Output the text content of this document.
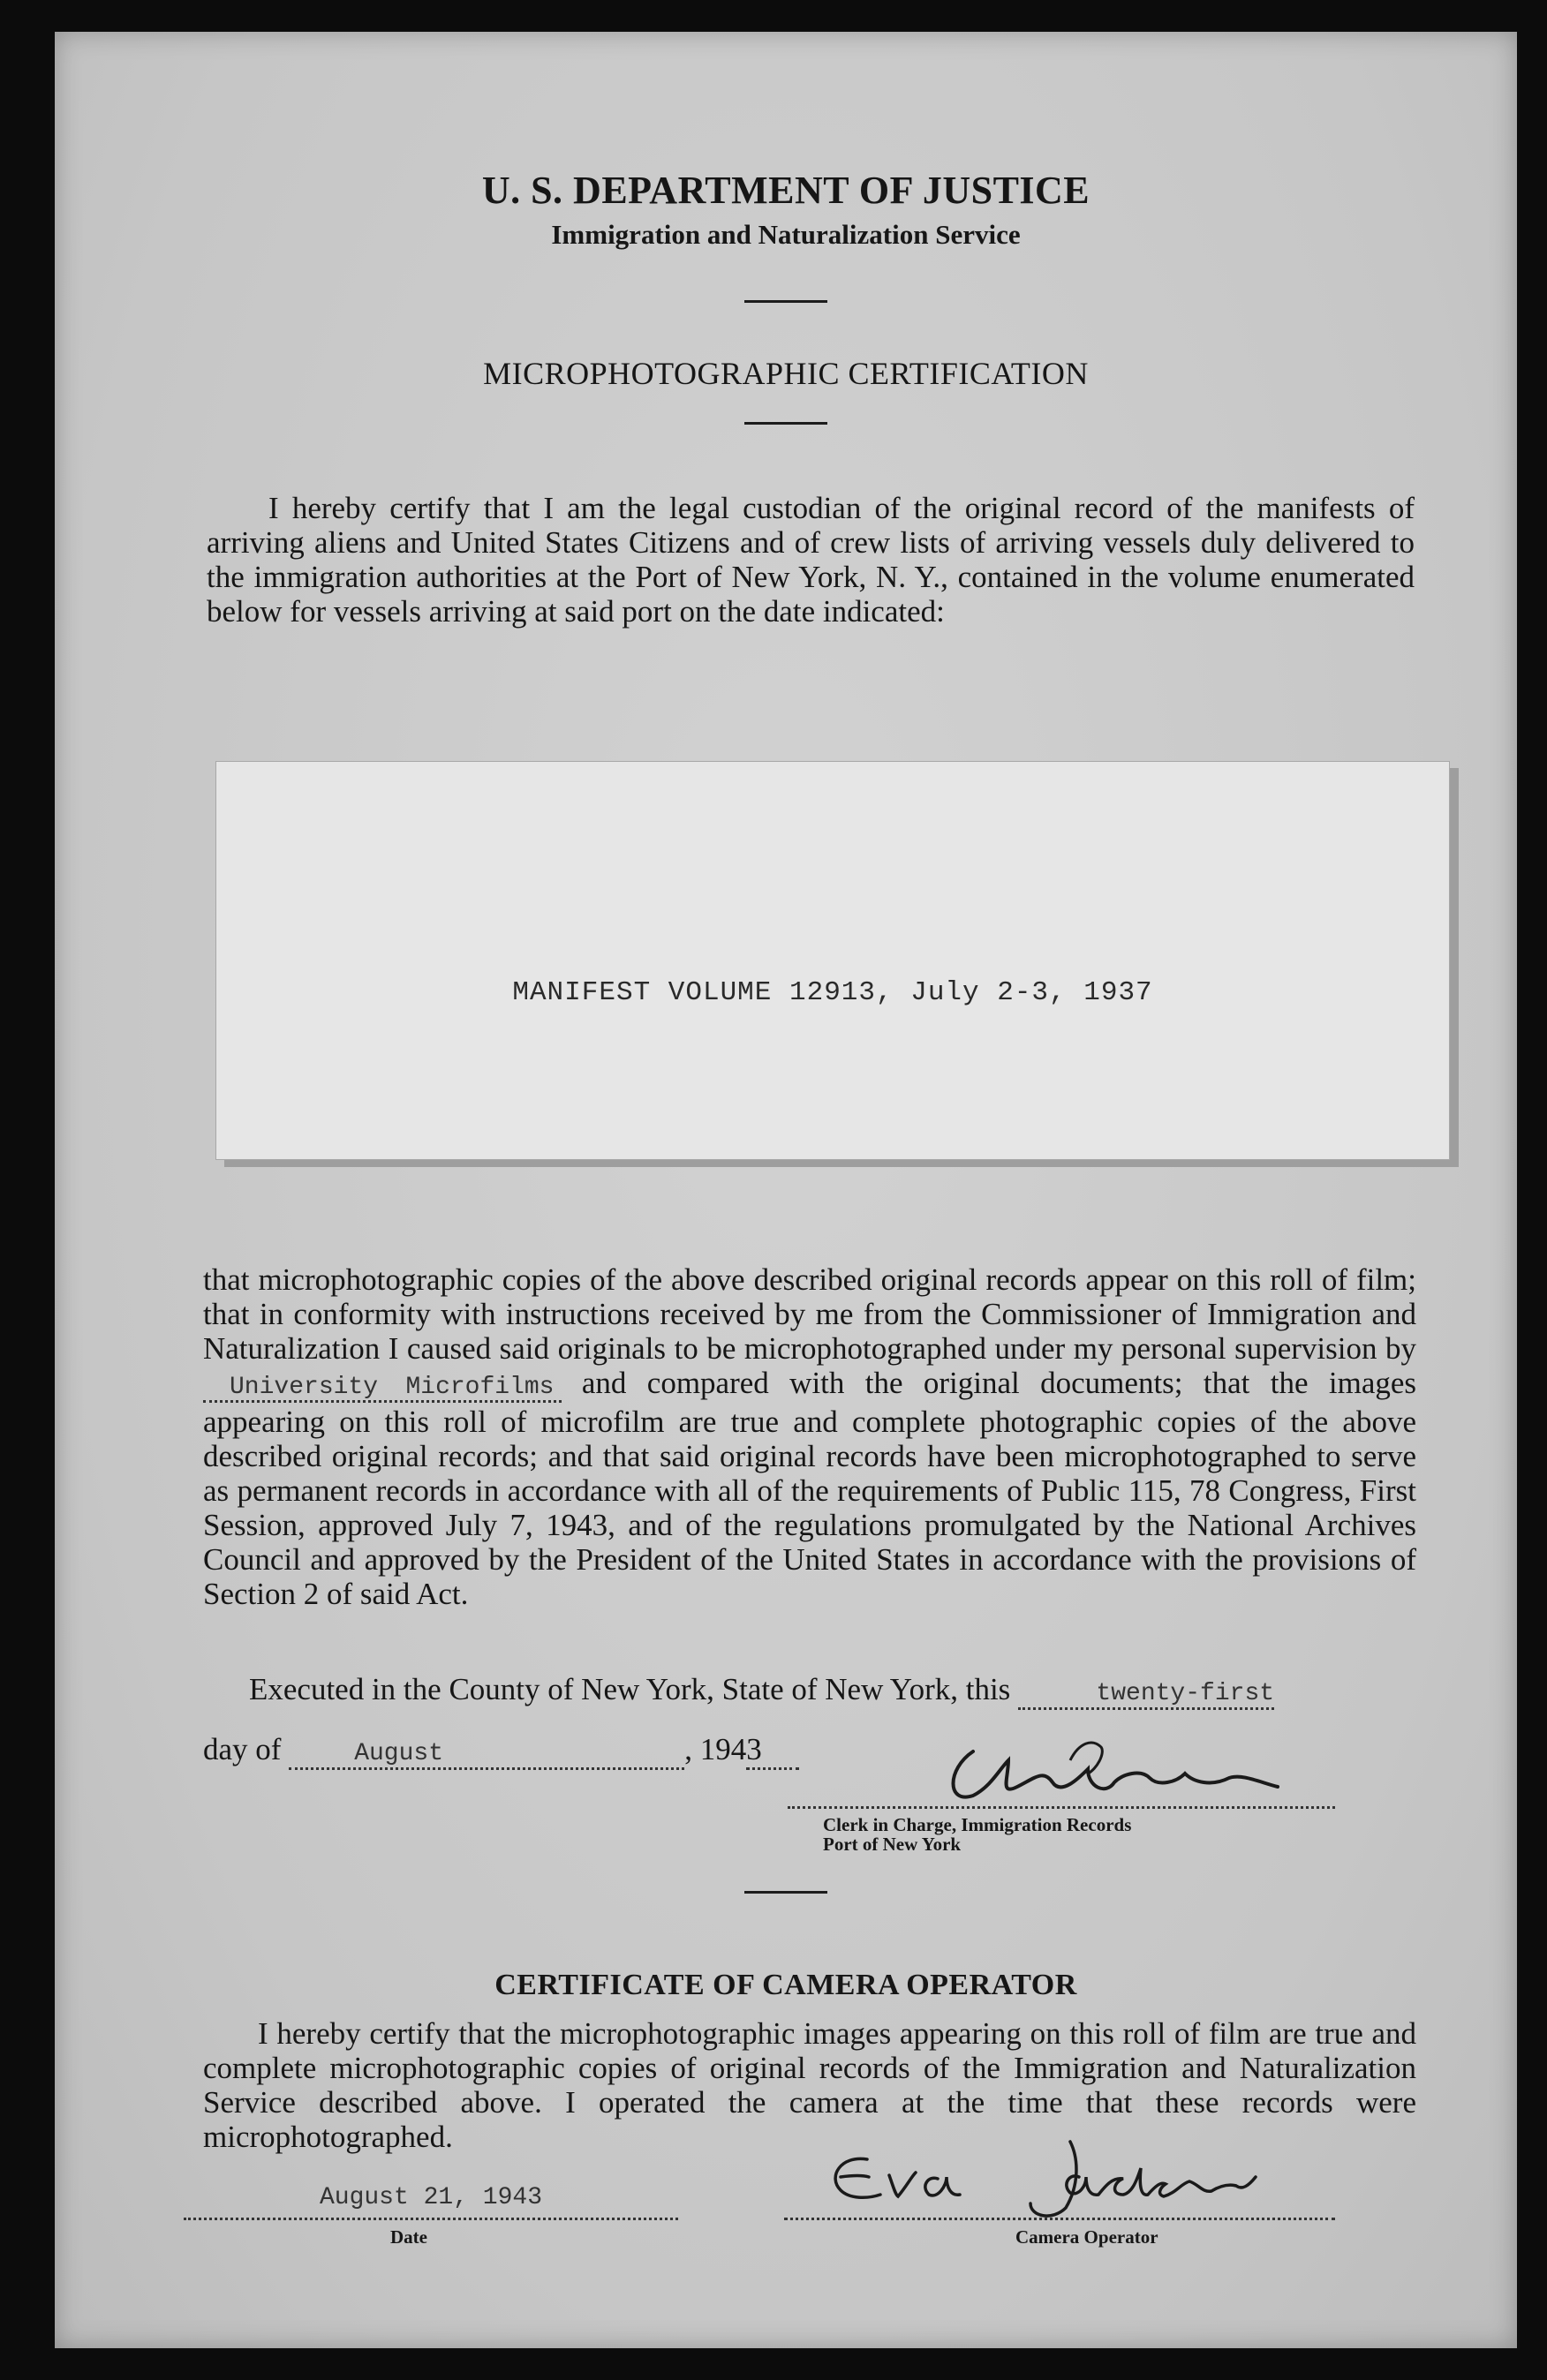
U. S. DEPARTMENT OF JUSTICE
Immigration and Naturalization Service
MICROPHOTOGRAPHIC CERTIFICATION
I hereby certify that I am the legal custodian of the original record of the manifests of arriving aliens and United States Citizens and of crew lists of arriving vessels duly delivered to the immigration authorities at the Port of New York, N. Y., contained in the volume enumerated below for vessels arriving at said port on the date indicated:
MANIFEST VOLUME 12913, July 2-3, 1937
that microphotographic copies of the above described original records appear on this roll of film; that in conformity with instructions received by me from the Commissioner of Immigration and Naturalization I caused said originals to be microphotographed under my personal supervision by University Microfilms and compared with the original documents; that the images appearing on this roll of microfilm are true and complete photographic copies of the above described original records; and that said original records have been microphotographed to serve as permanent records in accordance with all of the requirements of Public 115, 78 Congress, First Session, approved July 7, 1943, and of the regulations promulgated by the National Archives Council and approved by the President of the United States in accordance with the provisions of Section 2 of said Act.
Executed in the County of New York, State of New York, this	twenty-first
day of	August	, 1943
Clerk in Charge, Immigration Records
Port of New York
CERTIFICATE OF CAMERA OPERATOR
I hereby certify that the microphotographic images appearing on this roll of film are true and complete microphotographic copies of original records of the Immigration and Naturalization Service described above. I operated the camera at the time that these records were microphotographed.
August 21, 1943
Date	Camera Operator
